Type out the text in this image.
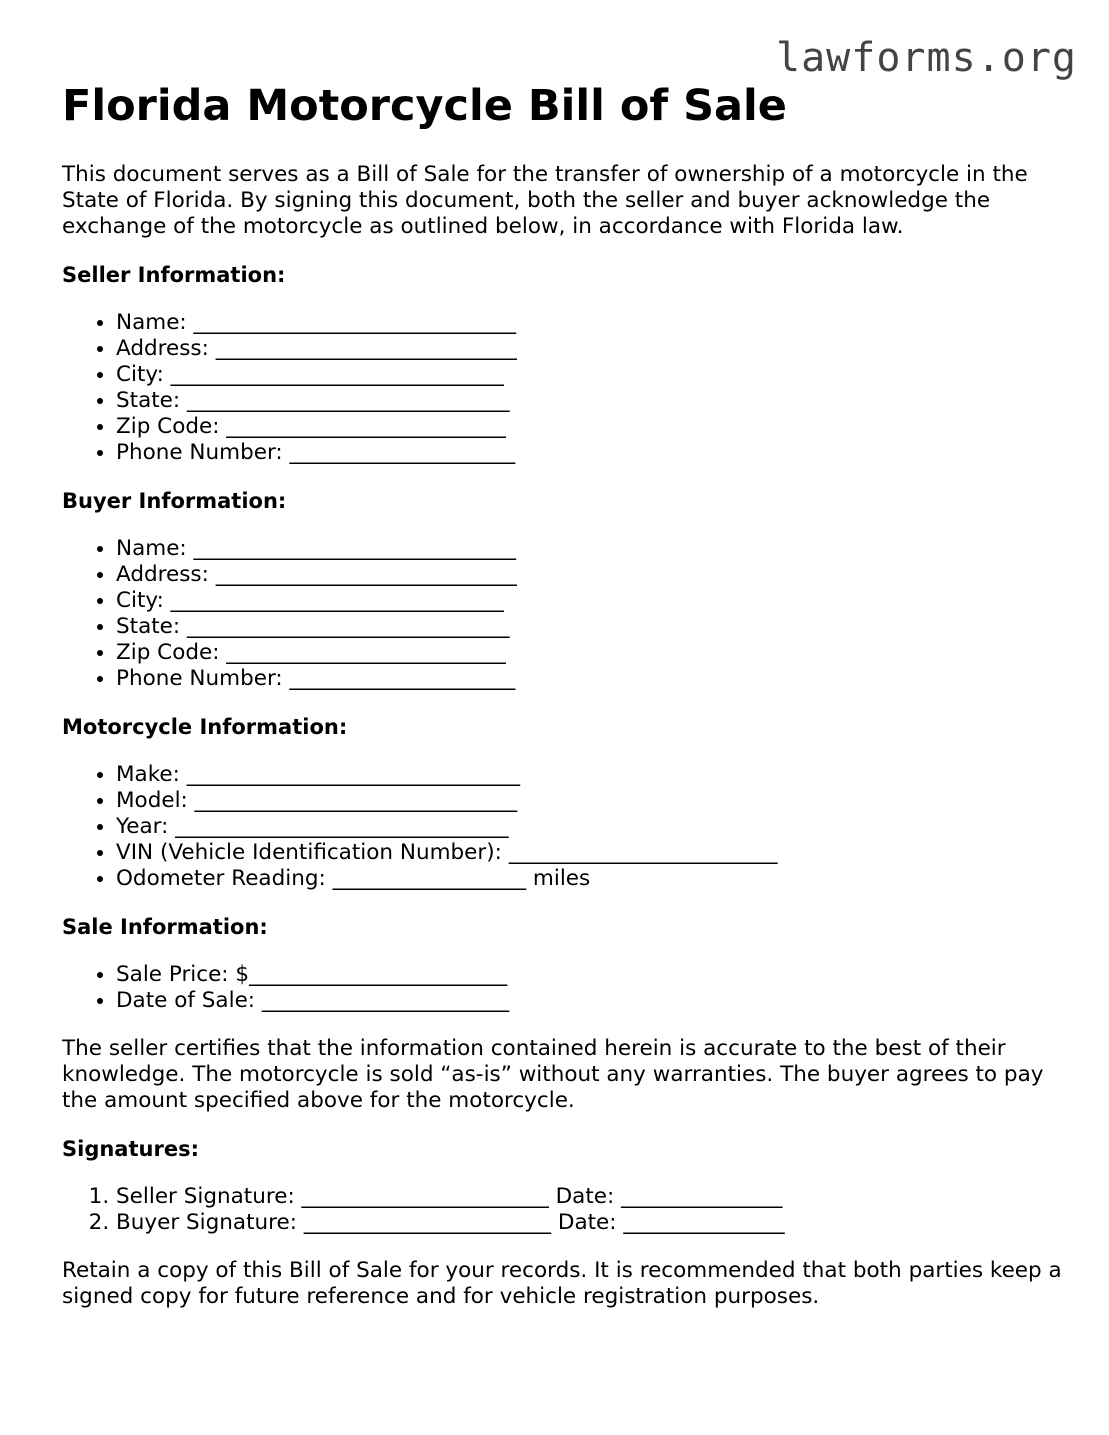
lawforms.org
Florida Motorcycle Bill of Sale

This document serves as a Bill of Sale for the transfer of ownership of a motorcycle in the State of Florida. By signing this document, both the seller and buyer acknowledge the exchange of the motorcycle as outlined below, in accordance with Florida law.

Seller Information:
• Name: ______________________________
• Address: ____________________________
• City: _______________________________
• State: ______________________________
• Zip Code: __________________________
• Phone Number: _____________________
Buyer Information:
• Name: ______________________________
• Address: ____________________________
• City: _______________________________
• State: ______________________________
• Zip Code: __________________________
• Phone Number: _____________________
Motorcycle Information:
• Make: _______________________________
• Model: ______________________________
• Year: _______________________________
• VIN (Vehicle Identification Number): _________________________
• Odometer Reading: __________________ miles
Sale Information:
• Sale Price: $________________________
• Date of Sale: _______________________

The seller certifies that the information contained herein is accurate to the best of their knowledge. The motorcycle is sold “as-is” without any warranties. The buyer agrees to pay the amount specified above for the motorcycle.

Signatures:
1. Seller Signature: _______________________ Date: _______________
2. Buyer Signature: _______________________ Date: _______________

Retain a copy of this Bill of Sale for your records. It is recommended that both parties keep a signed copy for future reference and for vehicle registration purposes.
